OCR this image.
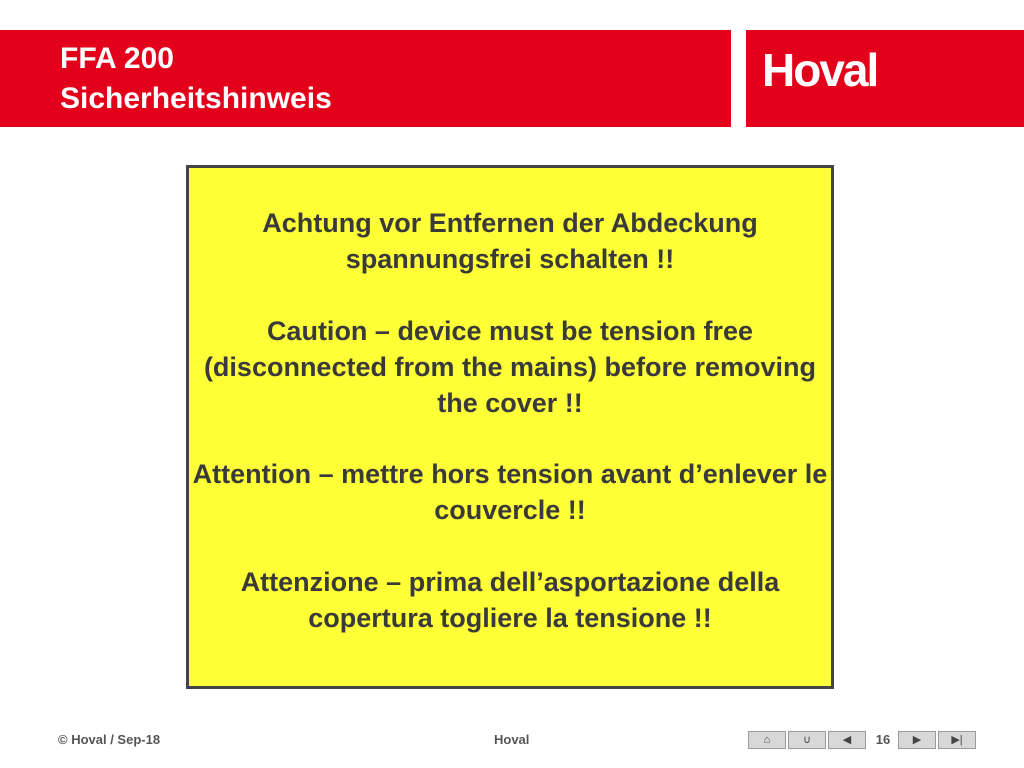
FFA 200
Sicherheitshinweis
Hoval
Achtung vor Entfernen der Abdeckung spannungsfrei schalten !!
Caution – device must be tension free (disconnected from the mains) before removing the cover !!
Attention – mettre hors tension avant d’enlever le couvercle !!
Attenzione – prima dell’asportazione della copertura togliere la tensione !!
© Hoval / Sep-18	Hoval	⌂	∪	◀	16	▶	▶|
